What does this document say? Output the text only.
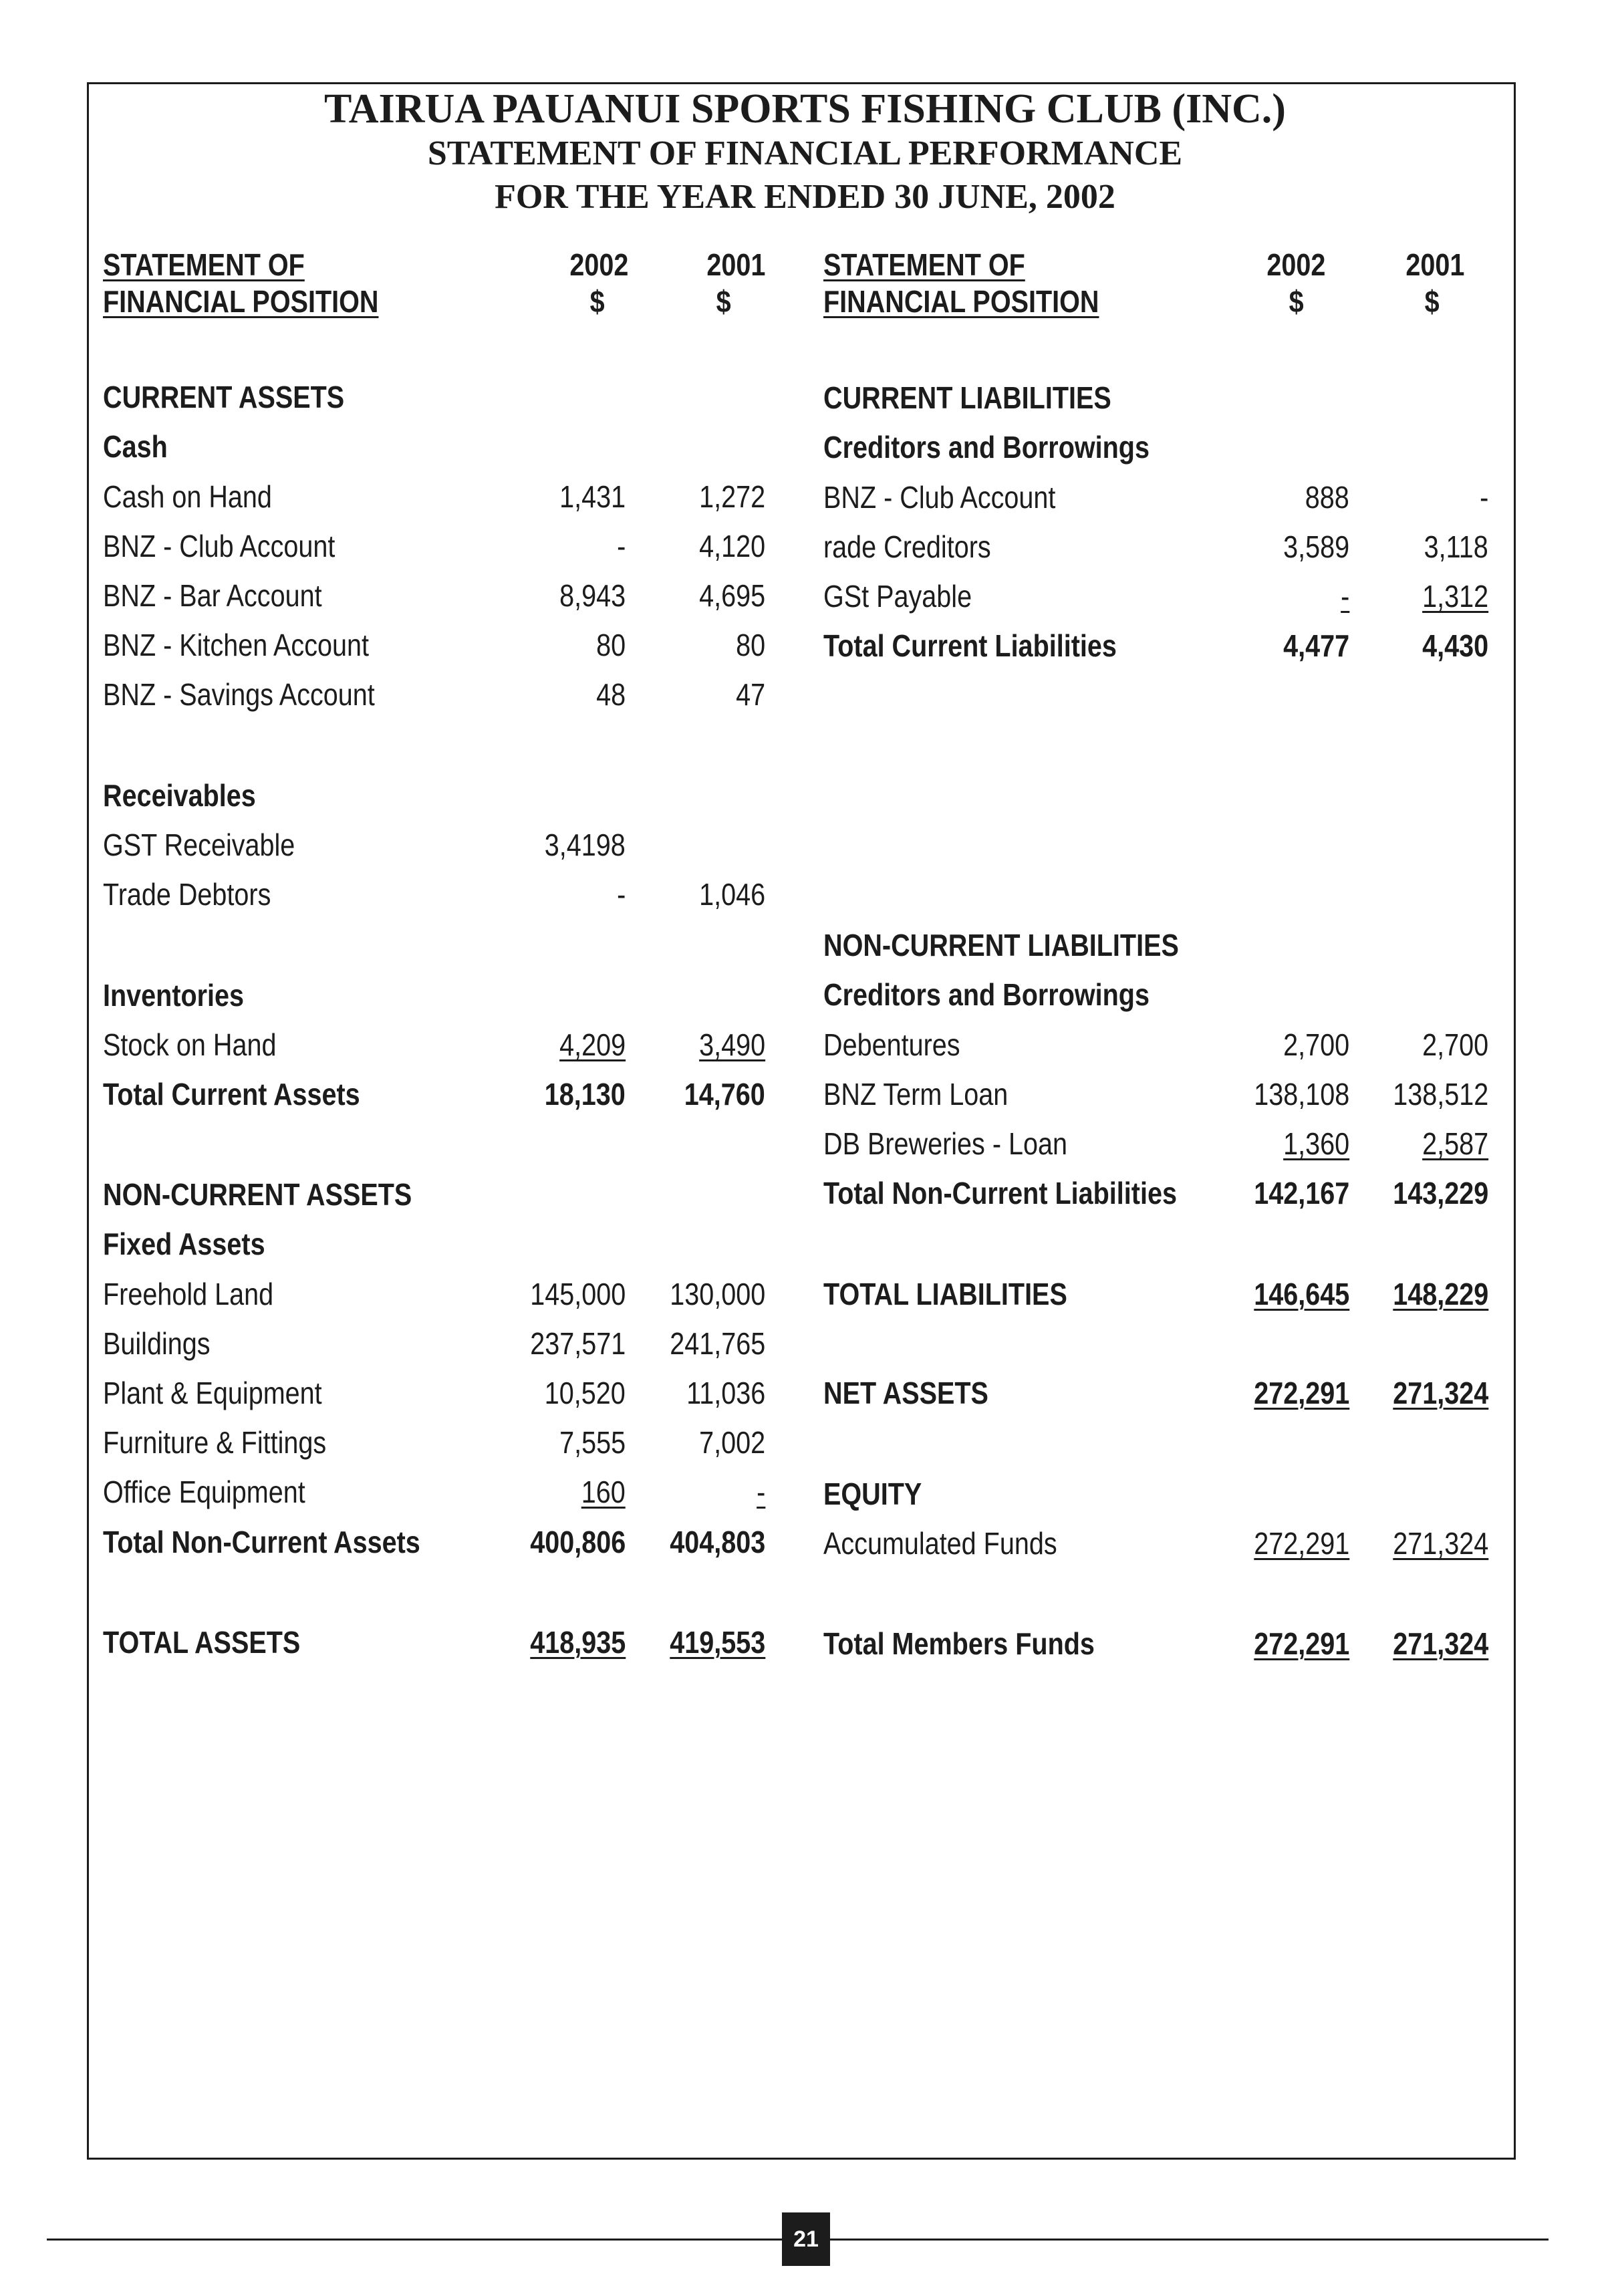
TAIRUA PAUANUI SPORTS FISHING CLUB (INC.)
STATEMENT OF FINANCIAL PERFORMANCE
FOR THE YEAR ENDED 30 JUNE, 2002
STATEMENT OF
FINANCIAL POSITION
2002	2001
$	$
STATEMENT OF
FINANCIAL POSITION
2002	2001
$	$
CURRENT ASSETS
Cash
Cash on Hand	1,431 1,272
BNZ - Club Account	- 4,120
BNZ - Bar Account	8,943 4,695
BNZ - Kitchen Account	80	80
BNZ - Savings Account	48	47
Receivables
GST Receivable	3,4198
Trade Debtors	- 1,046
Inventories
Stock on Hand	4,209 3,490
Total Current Assets	18,130 14,760
NON-CURRENT ASSETS
Fixed Assets
Freehold Land	145,000 130,000
Buildings	237,571 241,765
Plant & Equipment	10,520 11,036
Furniture & Fittings	7,555 7,002
Office Equipment	160	-
Total Non-Current Assets	400,806 404,803
TOTAL ASSETS	418,935 419,553
CURRENT LIABILITIES
Creditors and Borrowings
BNZ - Club Account	888	-
rade Creditors	3,589 3,118
GSt Payable	- 1,312
Total Current Liabilities	4,477 4,430
NON-CURRENT LIABILITIES
Creditors and Borrowings
Debentures	2,700 2,700
BNZ Term Loan	138,108 138,512
DB Breweries - Loan	1,360 2,587
Total Non-Current Liabilities	142,167 143,229
TOTAL LIABILITIES	146,645 148,229
NET ASSETS	272,291 271,324
EQUITY
Accumulated Funds	272,291 271,324
Total Members Funds	272,291 271,324
21
